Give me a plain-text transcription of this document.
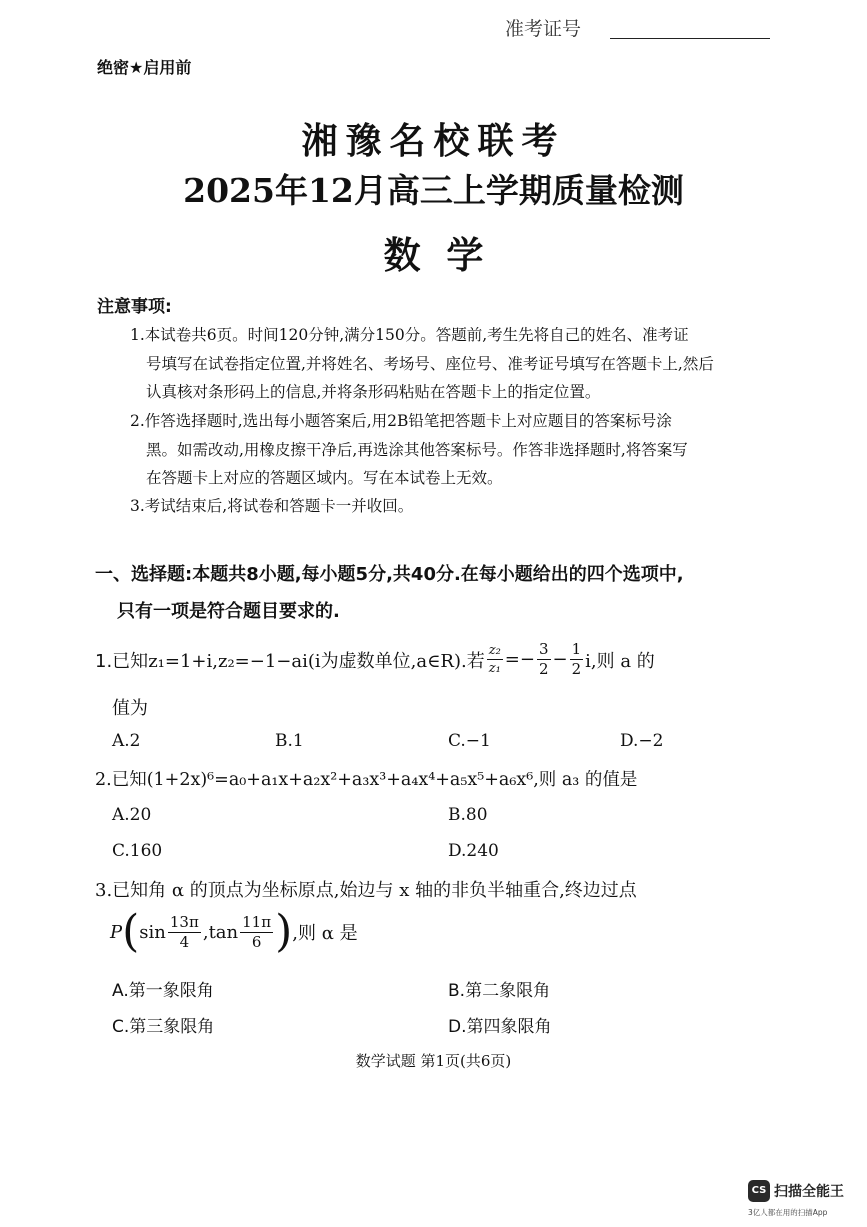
准考证号
绝密★启用前
湘豫名校联考
2025年12月高三上学期质量检测
数  学
注意事项:
1.本试卷共6页。时间120分钟,满分150分。答题前,考生先将自己的姓名、准考证
号填写在试卷指定位置,并将姓名、考场号、座位号、准考证号填写在答题卡上,然后
认真核对条形码上的信息,并将条形码粘贴在答题卡上的指定位置。
2.作答选择题时,选出每小题答案后,用2B铅笔把答题卡上对应题目的答案标号涂
黑。如需改动,用橡皮擦干净后,再选涂其他答案标号。作答非选择题时,将答案写
在答题卡上对应的答题区域内。写在本试卷上无效。
3.考试结束后,将试卷和答题卡一并收回。
一、选择题:本题共8小题,每小题5分,共40分.在每小题给出的四个选项中,
只有一项是符合题目要求的.
1.已知 z₁=1+i,z₂=−1−ai(i为虚数单位,a∈R).若 $\frac{\text{z₂}}{\text{z₁}} =- \frac{3}{2} - \frac{1}{2} i$,则 a 的
值为
A.2	B.1	C.−1	D.−2
2.已知(1+2x)⁶=a₀+a₁x+a₂x²+a₃x³+a₄x⁴+a₅x⁵+a₆x⁶,则 a₃ 的值是
A.20	B.80
C.160	D.240
3.已知角 α 的顶点为坐标原点,始边与 x 轴的非负半轴重合,终边过点
P ( $\sin \frac{13\pi}{4} ,\tan \frac{11\pi}{6}$ ) ,则 α 是
A.第一象限角	B.第二象限角
C.第三象限角	D.第四象限角
数学试题 第1页(共6页)
CS 扫描全能王
3亿人都在用的扫描App
